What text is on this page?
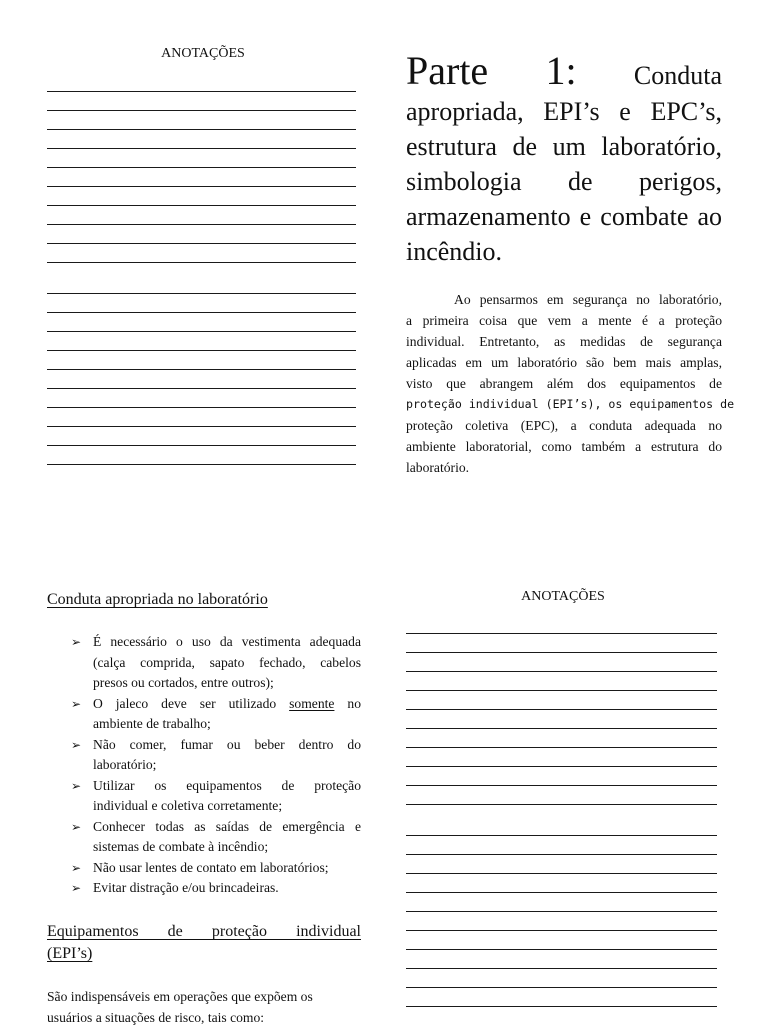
ANOTAÇÕES	Parte 1: Conduta
apropriada, EPI’s e EPC’s,
estrutura de um laboratório,
simbologia de perigos,
armazenamento e combate ao
incêndio.

Ao pensarmos em segurança no laboratório,
a primeira coisa que vem a mente é a proteção
individual. Entretanto, as medidas de segurança
aplicadas em um laboratório são bem mais amplas,
visto que abrangem além dos equipamentos de
proteção individual (EPI’s), os equipamentos de
proteção coletiva (EPC), a conduta adequada no
ambiente laboratorial, como também a estrutura do
laboratório.

Conduta apropriada no laboratório
➢ É necessário o uso da vestimenta adequada
(calça comprida, sapato fechado, cabelos
presos ou cortados, entre outros);
➢ O jaleco deve ser utilizado somente no
ambiente de trabalho;
➢ Não comer, fumar ou beber dentro do
laboratório;
➢ Utilizar os equipamentos de proteção
individual e coletiva corretamente;
➢ Conhecer todas as saídas de emergência e
sistemas de combate à incêndio;
➢ Não usar lentes de contato em laboratórios;
➢ Evitar distração e/ou brincadeiras.
Equipamentos de proteção individual
(EPI’s)

São indispensáveis em operações que expõem os
usuários a situações de risco, tais como:

ANOTAÇÕES
